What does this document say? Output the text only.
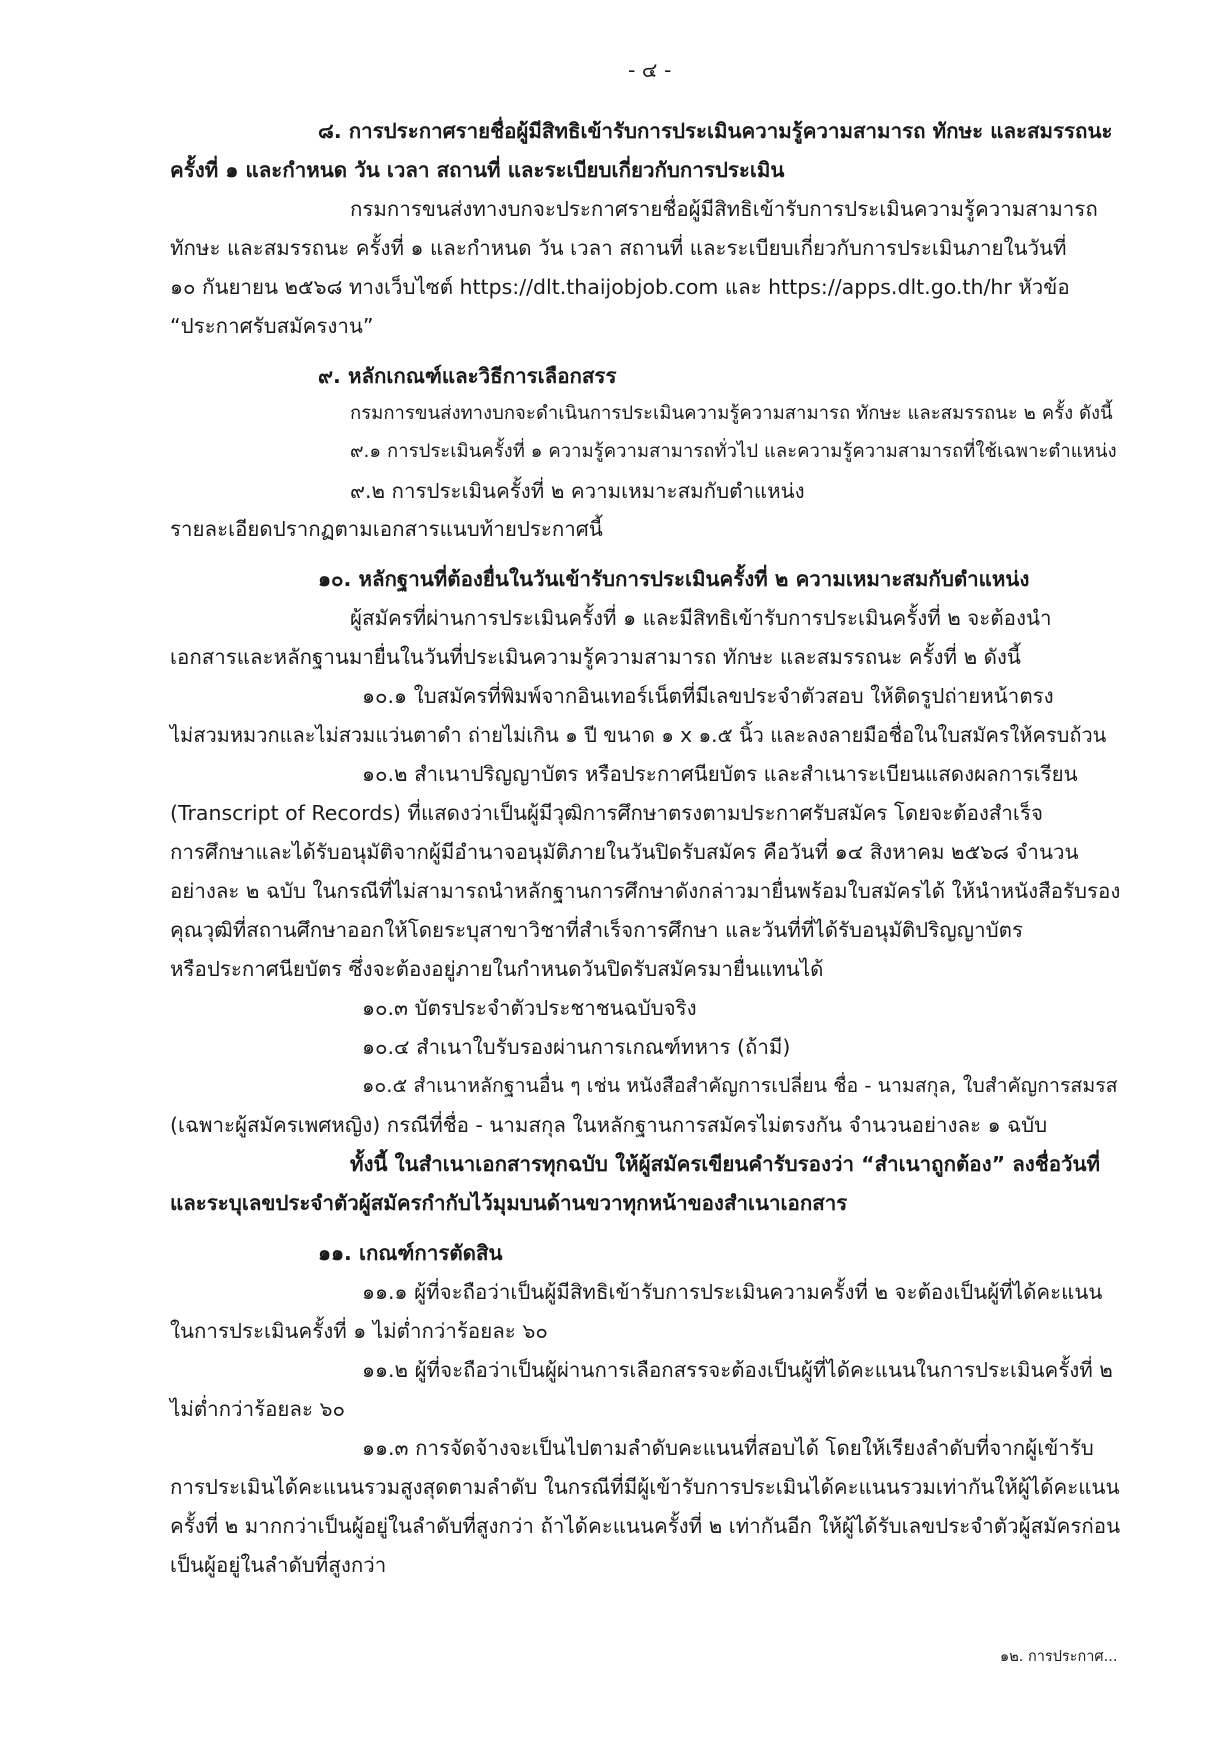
- ๔ -
๘. การประกาศรายชื่อผู้มีสิทธิเข้ารับการประเมินความรู้ความสามารถ ทักษะ และสมรรถนะ
ครั้งที่ ๑ และกำหนด วัน เวลา สถานที่ และระเบียบเกี่ยวกับการประเมิน
กรมการขนส่งทางบกจะประกาศรายชื่อผู้มีสิทธิเข้ารับการประเมินความรู้ความสามารถ
ทักษะ และสมรรถนะ ครั้งที่ ๑ และกำหนด วัน เวลา สถานที่ และระเบียบเกี่ยวกับการประเมินภายในวันที่
๑๐ กันยายน ๒๕๖๘ ทางเว็บไซต์ https://dlt.thaijobjob.com และ https://apps.dlt.go.th/hr หัวข้อ
“ประกาศรับสมัครงาน”
๙. หลักเกณฑ์และวิธีการเลือกสรร
กรมการขนส่งทางบกจะดำเนินการประเมินความรู้ความสามารถ ทักษะ และสมรรถนะ ๒ ครั้ง ดังนี้
๙.๑ การประเมินครั้งที่ ๑ ความรู้ความสามารถทั่วไป และความรู้ความสามารถที่ใช้เฉพาะตำแหน่ง
๙.๒ การประเมินครั้งที่ ๒ ความเหมาะสมกับตำแหน่ง
รายละเอียดปรากฏตามเอกสารแนบท้ายประกาศนี้
๑๐. หลักฐานที่ต้องยื่นในวันเข้ารับการประเมินครั้งที่ ๒ ความเหมาะสมกับตำแหน่ง
ผู้สมัครที่ผ่านการประเมินครั้งที่ ๑ และมีสิทธิเข้ารับการประเมินครั้งที่ ๒ จะต้องนำ
เอกสารและหลักฐานมายื่นในวันที่ประเมินความรู้ความสามารถ ทักษะ และสมรรถนะ ครั้งที่ ๒ ดังนี้
๑๐.๑ ใบสมัครที่พิมพ์จากอินเทอร์เน็ตที่มีเลขประจำตัวสอบ ให้ติดรูปถ่ายหน้าตรง
ไม่สวมหมวกและไม่สวมแว่นตาดำ ถ่ายไม่เกิน ๑ ปี ขนาด ๑ x ๑.๕ นิ้ว และลงลายมือชื่อในใบสมัครให้ครบถ้วน
๑๐.๒ สำเนาปริญญาบัตร หรือประกาศนียบัตร และสำเนาระเบียนแสดงผลการเรียน
(Transcript of Records) ที่แสดงว่าเป็นผู้มีวุฒิการศึกษาตรงตามประกาศรับสมัคร โดยจะต้องสำเร็จ
การศึกษาและได้รับอนุมัติจากผู้มีอำนาจอนุมัติภายในวันปิดรับสมัคร คือวันที่ ๑๔ สิงหาคม ๒๕๖๘ จำนวน
อย่างละ ๒ ฉบับ ในกรณีที่ไม่สามารถนำหลักฐานการศึกษาดังกล่าวมายื่นพร้อมใบสมัครได้ ให้นำหนังสือรับรอง
คุณวุฒิที่สถานศึกษาออกให้โดยระบุสาขาวิชาที่สำเร็จการศึกษา และวันที่ที่ได้รับอนุมัติปริญญาบัตร
หรือประกาศนียบัตร ซึ่งจะต้องอยู่ภายในกำหนดวันปิดรับสมัครมายื่นแทนได้
๑๐.๓ บัตรประจำตัวประชาชนฉบับจริง
๑๐.๔ สำเนาใบรับรองผ่านการเกณฑ์ทหาร (ถ้ามี)
๑๐.๕ สำเนาหลักฐานอื่น ๆ เช่น หนังสือสำคัญการเปลี่ยน ชื่อ - นามสกุล, ใบสำคัญการสมรส
(เฉพาะผู้สมัครเพศหญิง) กรณีที่ชื่อ - นามสกุล ในหลักฐานการสมัครไม่ตรงกัน จำนวนอย่างละ ๑ ฉบับ
ทั้งนี้ ในสำเนาเอกสารทุกฉบับ ให้ผู้สมัครเขียนคำรับรองว่า “สำเนาถูกต้อง” ลงชื่อวันที่
และระบุเลขประจำตัวผู้สมัครกำกับไว้มุมบนด้านขวาทุกหน้าของสำเนาเอกสาร
๑๑. เกณฑ์การตัดสิน
๑๑.๑ ผู้ที่จะถือว่าเป็นผู้มีสิทธิเข้ารับการประเมินความครั้งที่ ๒ จะต้องเป็นผู้ที่ได้คะแนน
ในการประเมินครั้งที่ ๑ ไม่ต่ำกว่าร้อยละ ๖๐
๑๑.๒ ผู้ที่จะถือว่าเป็นผู้ผ่านการเลือกสรรจะต้องเป็นผู้ที่ได้คะแนนในการประเมินครั้งที่ ๒
ไม่ต่ำกว่าร้อยละ ๖๐
๑๑.๓ การจัดจ้างจะเป็นไปตามลำดับคะแนนที่สอบได้ โดยให้เรียงลำดับที่จากผู้เข้ารับ
การประเมินได้คะแนนรวมสูงสุดตามลำดับ ในกรณีที่มีผู้เข้ารับการประเมินได้คะแนนรวมเท่ากันให้ผู้ได้คะแนน
ครั้งที่ ๒ มากกว่าเป็นผู้อยู่ในลำดับที่สูงกว่า ถ้าได้คะแนนครั้งที่ ๒ เท่ากันอีก ให้ผู้ได้รับเลขประจำตัวผู้สมัครก่อน
เป็นผู้อยู่ในลำดับที่สูงกว่า
๑๒. การประกาศ...
